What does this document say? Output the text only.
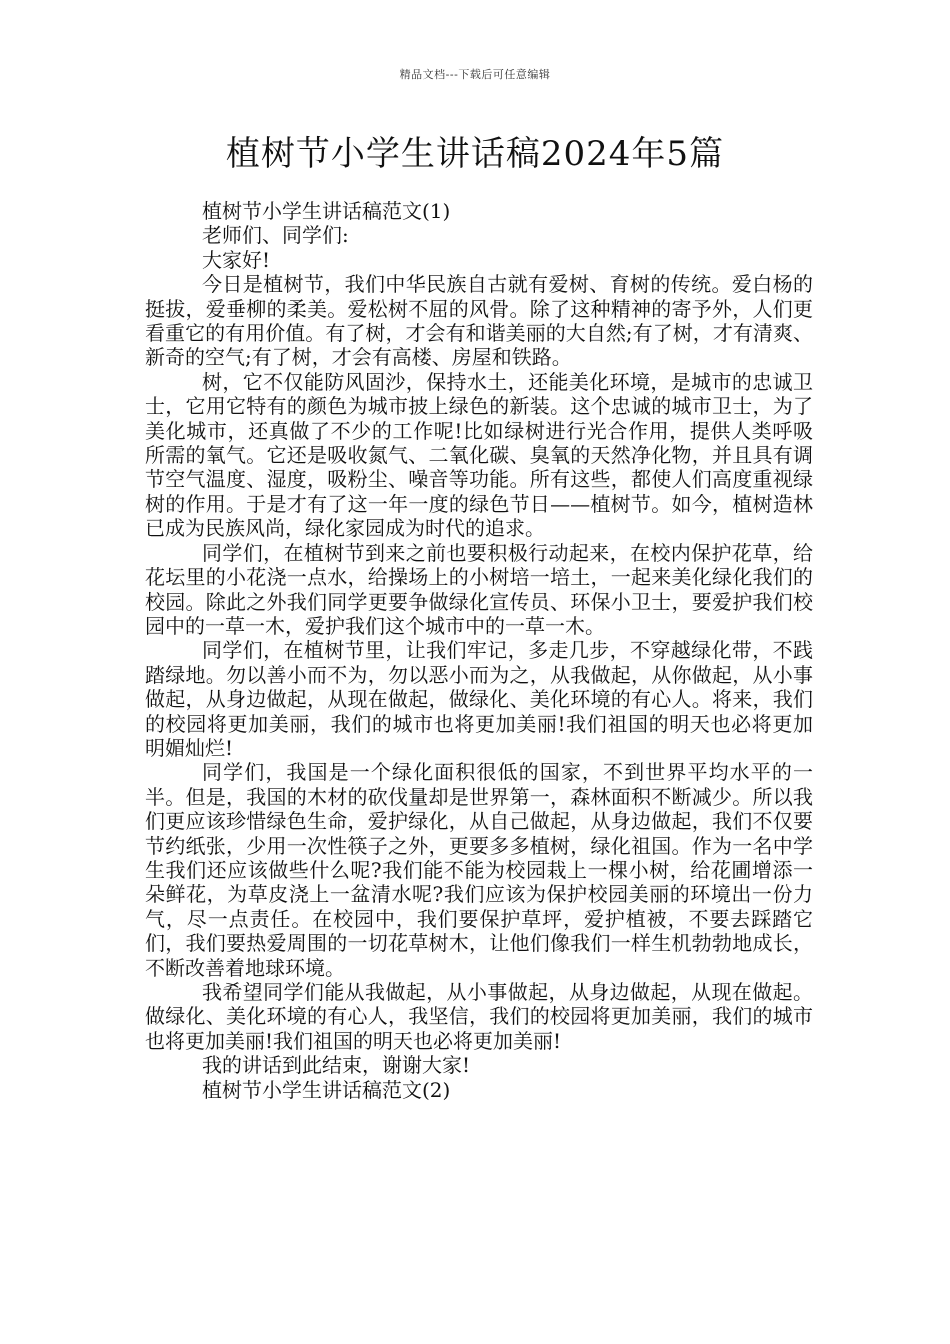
精品文档---下载后可任意编辑
植树节小学生讲话稿2024年5篇

植树节小学生讲话稿范文(1)

老师们、同学们:

大家好!

今日是植树节，我们中华民族自古就有爱树、育树的传统。爱白杨的挺拔，爱垂柳的柔美。爱松树不屈的风骨。除了这种精神的寄予外，人们更看重它的有用价值。有了树，才会有和谐美丽的大自然;有了树，才有清爽、新奇的空气;有了树，才会有高楼、房屋和铁路。

树，它不仅能防风固沙，保持水土，还能美化环境，是城市的忠诚卫士，它用它特有的颜色为城市披上绿色的新装。这个忠诚的城市卫士，为了美化城市，还真做了不少的工作呢!比如绿树进行光合作用，提供人类呼吸所需的氧气。它还是吸收氮气、二氧化碳、臭氧的天然净化物，并且具有调节空气温度、湿度，吸粉尘、噪音等功能。所有这些，都使人们高度重视绿树的作用。于是才有了这一年一度的绿色节日——植树节。如今，植树造林已成为民族风尚，绿化家园成为时代的追求。

同学们，在植树节到来之前也要积极行动起来，在校内保护花草，给花坛里的小花浇一点水，给操场上的小树培一培土，一起来美化绿化我们的校园。除此之外我们同学更要争做绿化宣传员、环保小卫士，要爱护我们校园中的一草一木，爱护我们这个城市中的一草一木。

同学们，在植树节里，让我们牢记，多走几步，不穿越绿化带，不践踏绿地。勿以善小而不为，勿以恶小而为之，从我做起，从你做起，从小事做起，从身边做起，从现在做起，做绿化、美化环境的有心人。将来，我们的校园将更加美丽，我们的城市也将更加美丽!我们祖国的明天也必将更加明媚灿烂!

同学们，我国是一个绿化面积很低的国家，不到世界平均水平的一半。但是，我国的木材的砍伐量却是世界第一，森林面积不断减少。所以我们更应该珍惜绿色生命，爱护绿化，从自己做起，从身边做起，我们不仅要节约纸张，少用一次性筷子之外，更要多多植树，绿化祖国。作为一名中学生我们还应该做些什么呢?我们能不能为校园栽上一棵小树，给花圃增添一朵鲜花，为草皮浇上一盆清水呢?我们应该为保护校园美丽的环境出一份力气，尽一点责任。在校园中，我们要保护草坪，爱护植被，不要去踩踏它们，我们要热爱周围的一切花草树木，让他们像我们一样生机勃勃地成长，不断改善着地球环境。

我希望同学们能从我做起，从小事做起，从身边做起，从现在做起。做绿化、美化环境的有心人，我坚信，我们的校园将更加美丽，我们的城市也将更加美丽!我们祖国的明天也必将更加美丽!

我的讲话到此结束，谢谢大家!

植树节小学生讲话稿范文(2)
